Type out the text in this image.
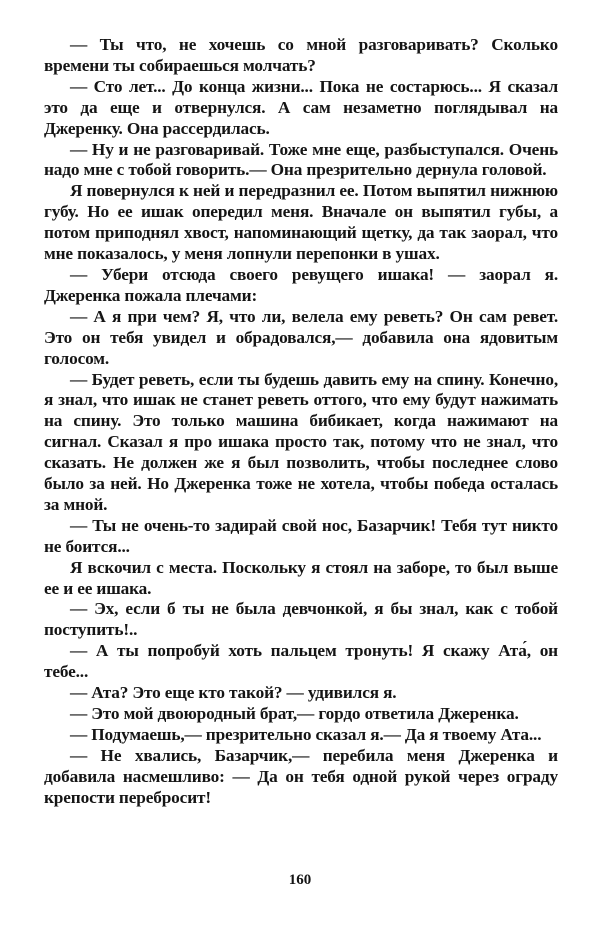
— Ты что, не хочешь со мной разговаривать? Сколько времени ты собираешься молчать?

— Сто лет... До конца жизни... Пока не состарюсь... Я сказал это да еще и отвернулся. А сам незаметно поглядывал на Джеренку. Она рассердилась.

— Ну и не разговаривай. Тоже мне еще, разбыступался. Очень надо мне с тобой говорить.— Она презрительно дернула головой.

Я повернулся к ней и передразнил ее. Потом выпятил нижнюю губу. Но ее ишак опередил меня. Вначале он выпятил губы, а потом приподнял хвост, напоминающий щетку, да так заорал, что мне показалось, у меня лопнули перепонки в ушах.

— Убери отсюда своего ревущего ишака! — заорал я. Джеренка пожала плечами:

— А я при чем? Я, что ли, велела ему реветь? Он сам ревет. Это он тебя увидел и обрадовался,— добавила она ядовитым голосом.

— Будет реветь, если ты будешь давить ему на спину. Конечно, я знал, что ишак не станет реветь оттого, что ему будут нажимать на спину. Это только машина бибикает, когда нажимают на сигнал. Сказал я про ишака просто так, потому что не знал, что сказать. Не должен же я был позволить, чтобы последнее слово было за ней. Но Джеренка тоже не хотела, чтобы победа осталась за мной.

— Ты не очень-то задирай свой нос, Базарчик! Тебя тут никто не боится...

Я вскочил с места. Поскольку я стоял на заборе, то был выше ее и ее ишака.

— Эх, если б ты не была девчонкой, я бы знал, как с тобой поступить!..

— А ты попробуй хоть пальцем тронуть! Я скажу Ата́, он тебе...

— Ата? Это еще кто такой? — удивился я.

— Это мой двоюродный брат,— гордо ответила Джеренка.

— Подумаешь,— презрительно сказал я.— Да я твоему Ата...

— Не хвались, Базарчик,— перебила меня Джеренка и добавила насмешливо: — Да он тебя одной рукой через ограду крепости перебросит!

160
